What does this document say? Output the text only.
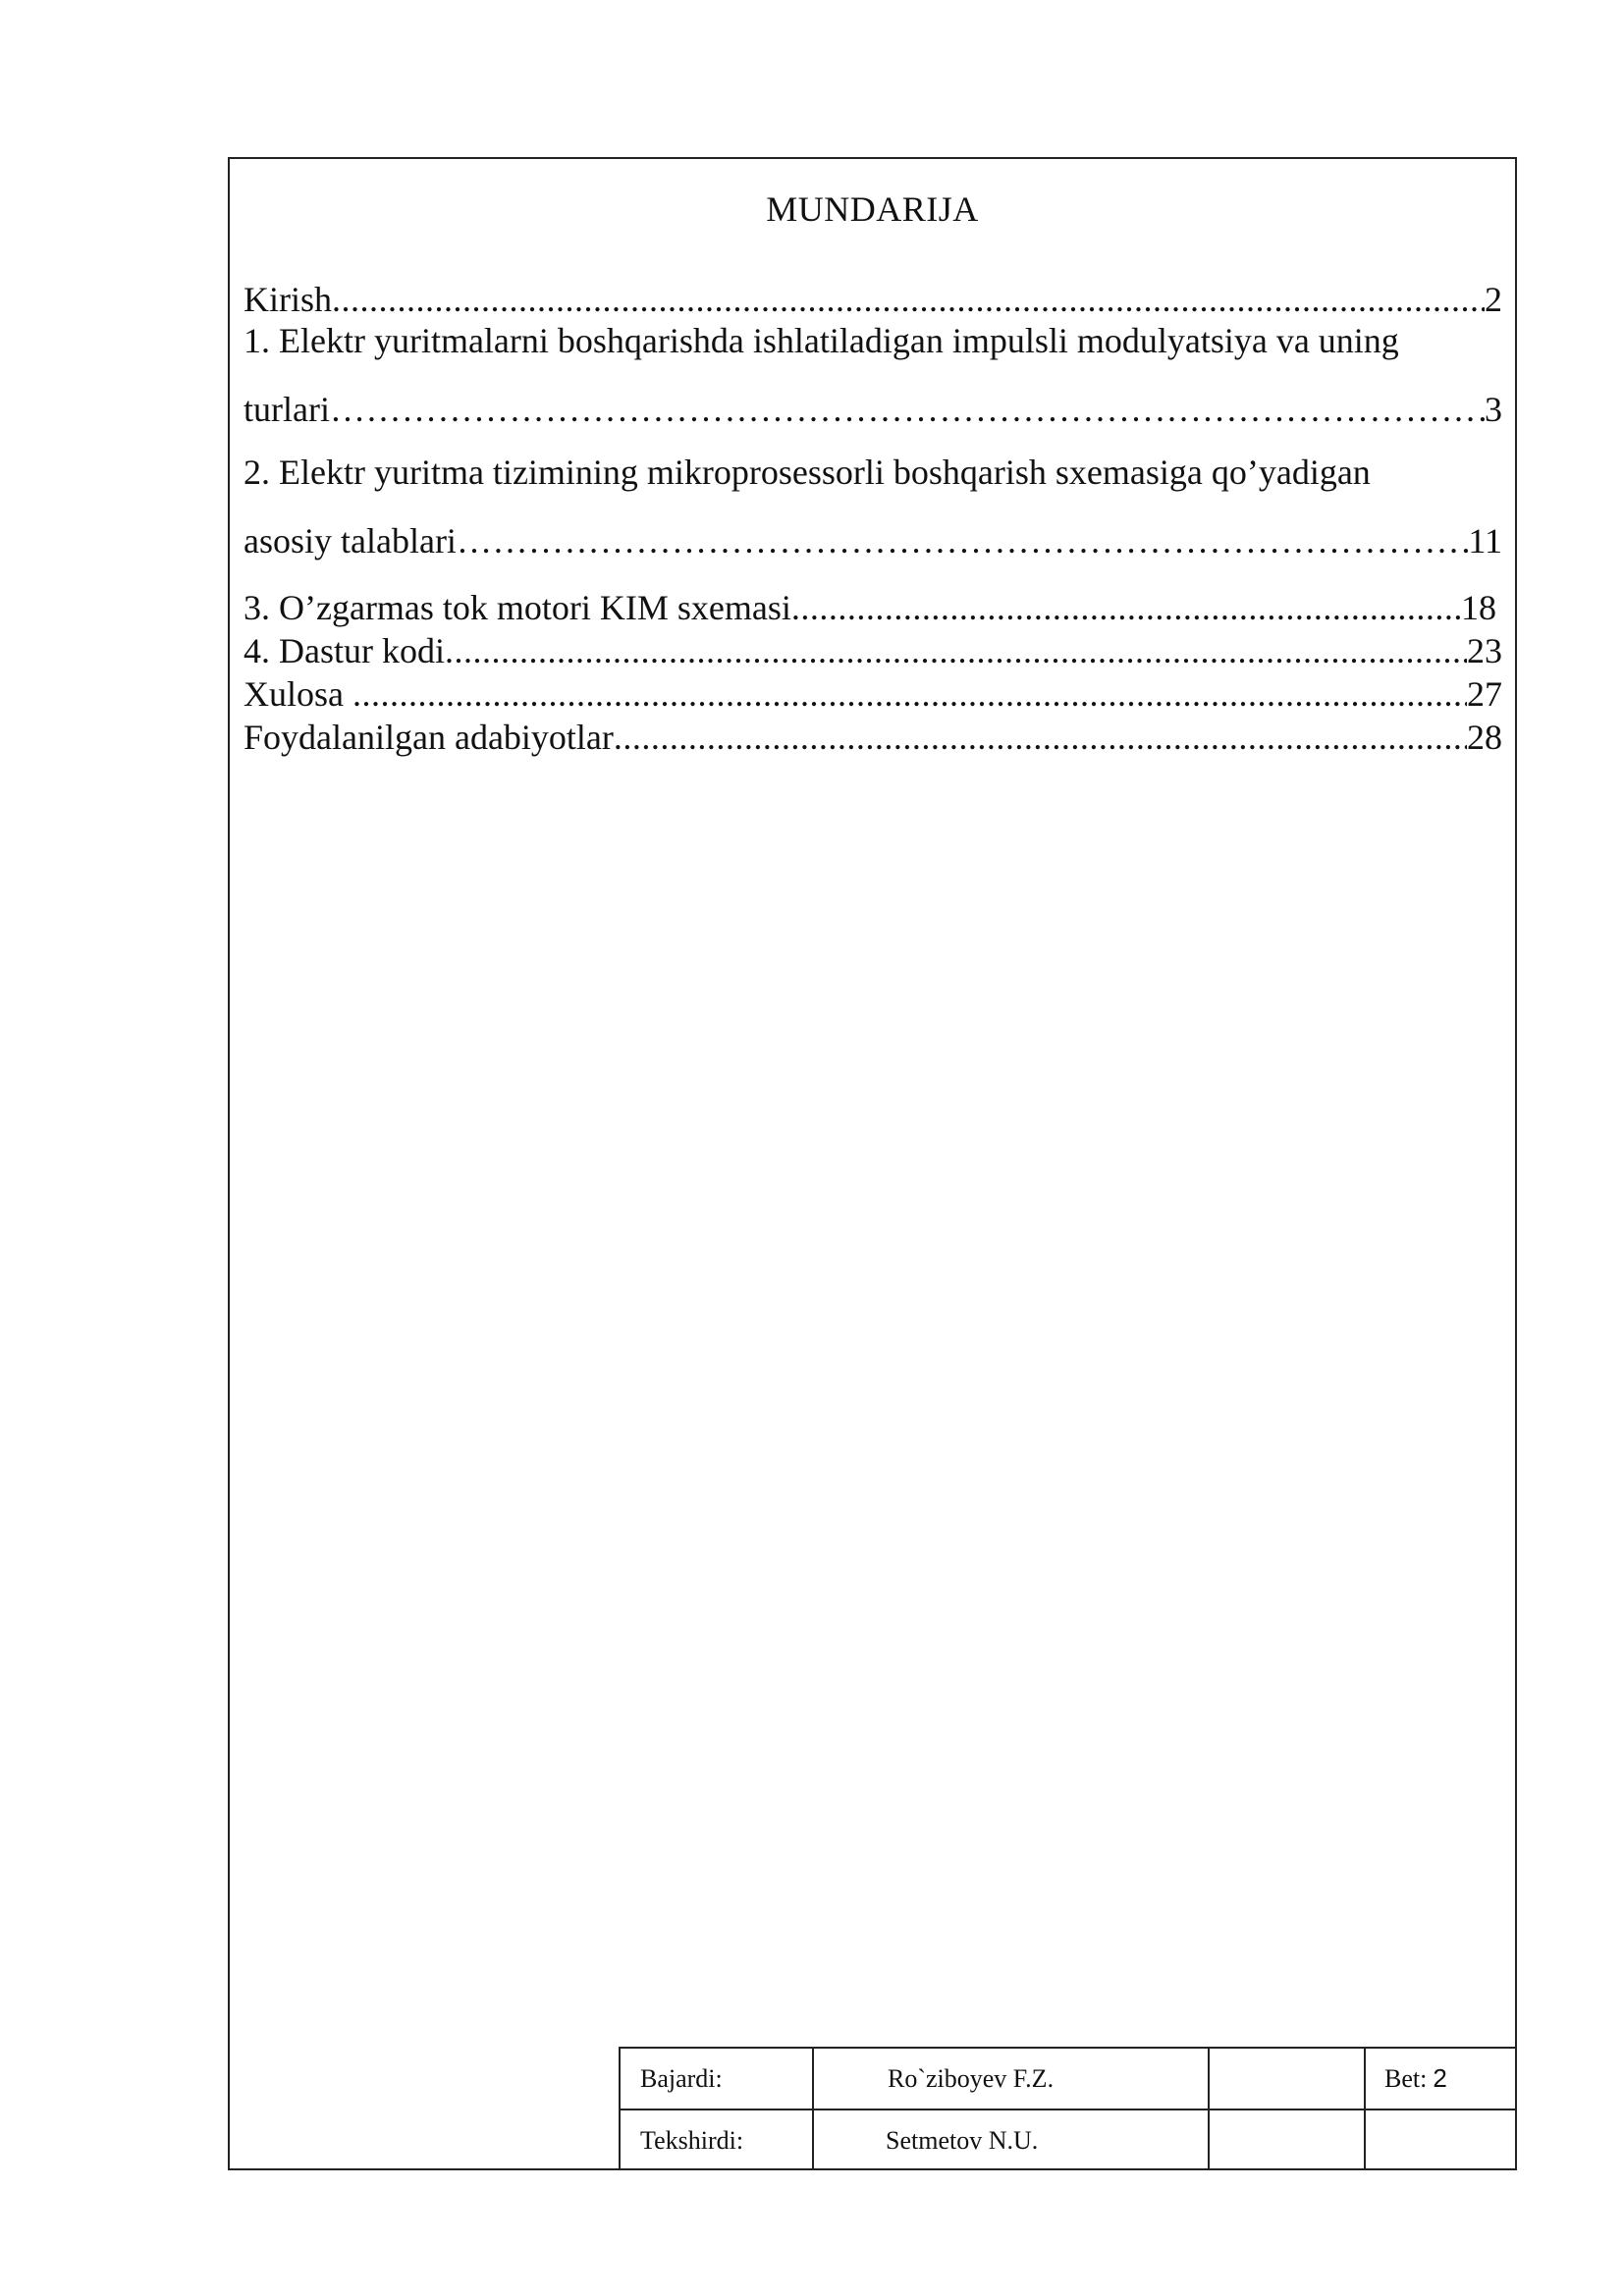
MUNDARIJA
Kirish .....	2
1. Elektr yuritmalarni boshqarishda ishlatiladigan impulsli modulyatsiya va uning
turlari …………………………………………………………………………………………………………………………………………………………………………………………………………………………………………………………………	3
2. Elektr yuritma tizimining mikroprosessorli boshqarish sxemasiga qo’yadigan
asosiy talablari …………………………………………………………………………………………………………………………………………………………………………………………………………………………………………………………………	11
3. O’zgarmas tok motori KIM sxemasi .....	18
4. Dastur kodi .....	23
Xulosa .....	27
Foydalanilgan adabiyotlar .....	28
Bajardi:	Ro`ziboyev F.Z.	Bet: 2
Tekshirdi:	Setmetov N.U.
